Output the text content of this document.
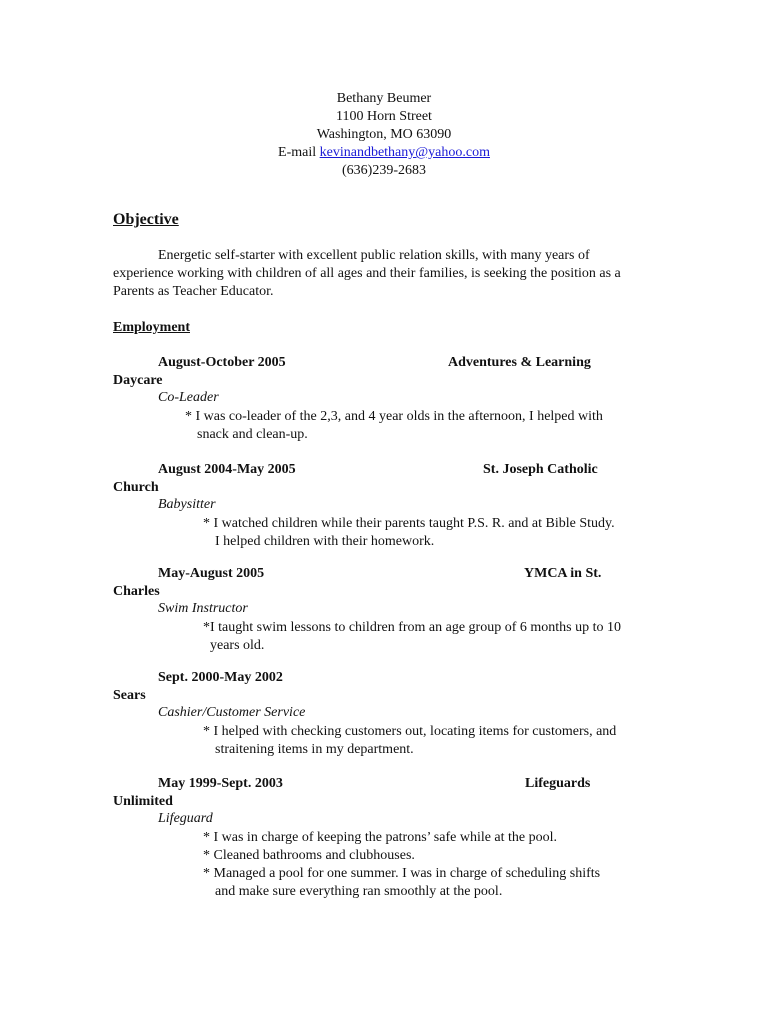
Bethany Beumer
1100 Horn Street
Washington, MO 63090
E-mail kevinandbethany@yahoo.com
(636)239-2683
Objective
Energetic self-starter with excellent public relation skills, with many years of experience working with children of all ages and their families, is seeking the position as a Parents as Teacher Educator.
Employment
August-October 2005	Adventures & Learning
Daycare
Co-Leader
* I was co-leader of the 2,3, and 4 year olds in the afternoon, I helped with
snack and clean-up.
August 2004-May 2005	St. Joseph Catholic
Church
Babysitter
* I watched children while their parents taught P.S. R. and at Bible Study.
I helped children with their homework.
May-August 2005	YMCA in St.
Charles
Swim Instructor
*I taught swim lessons to children from an age group of 6 months up to 10
years old.
Sept. 2000-May 2002
Sears
Cashier/Customer Service
* I helped with checking customers out, locating items for customers, and
straitening items in my department.
May 1999-Sept. 2003	Lifeguards
Unlimited
Lifeguard
* I was in charge of keeping the patrons’ safe while at the pool.
* Cleaned bathrooms and clubhouses.
* Managed a pool for one summer. I was in charge of scheduling shifts
and make sure everything ran smoothly at the pool.
